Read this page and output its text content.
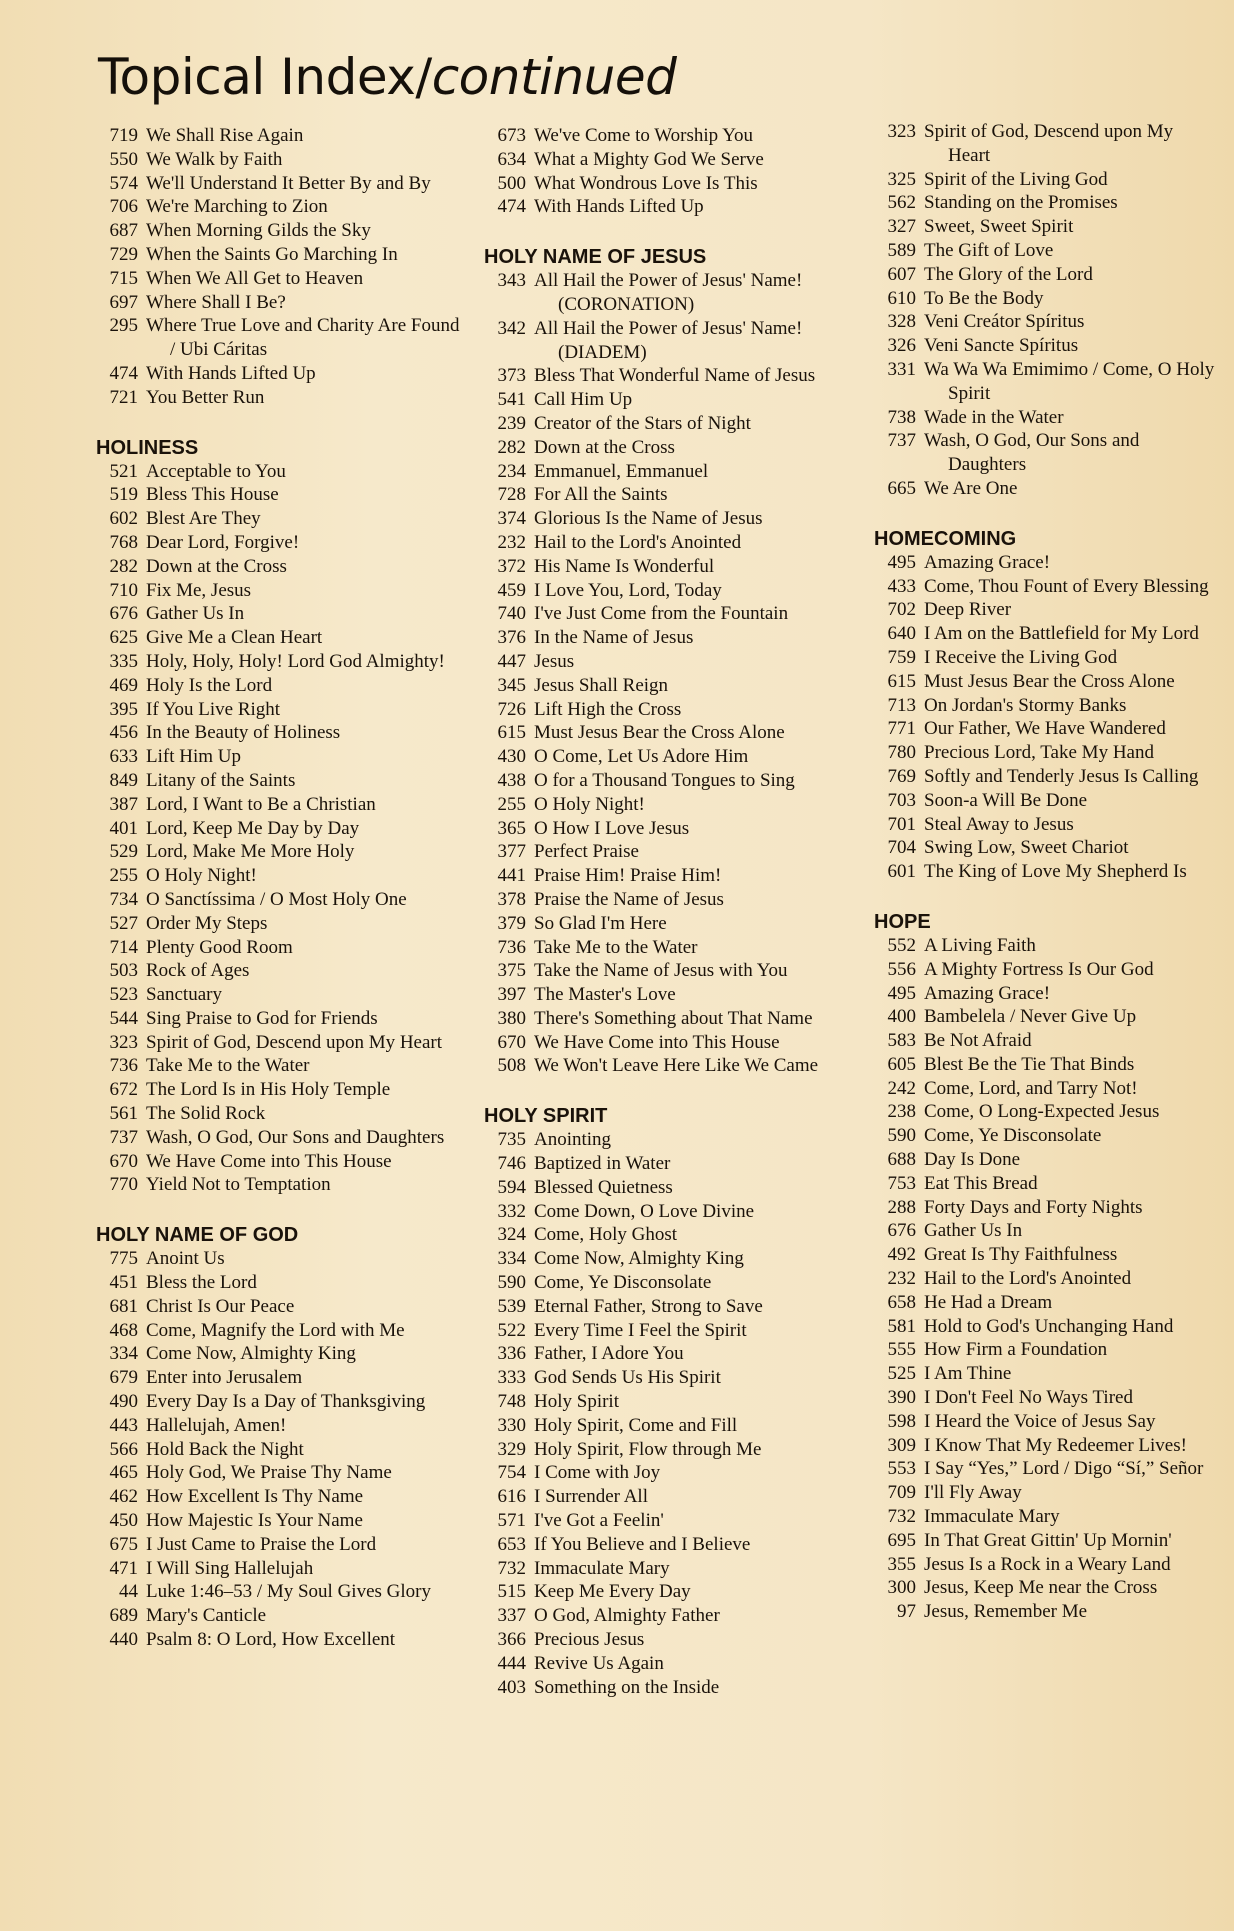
Topical Index/continued
719 We Shall Rise Again
550 We Walk by Faith
574 We'll Understand It Better By and By
706 We're Marching to Zion
687 When Morning Gilds the Sky
729 When the Saints Go Marching In
715 When We All Get to Heaven
697 Where Shall I Be?
295 Where True Love and Charity Are Found / Ubi Cáritas
474 With Hands Lifted Up
721 You Better Run
HOLINESS
521 Acceptable to You
519 Bless This House
602 Blest Are They
768 Dear Lord, Forgive!
282 Down at the Cross
710 Fix Me, Jesus
676 Gather Us In
625 Give Me a Clean Heart
335 Holy, Holy, Holy! Lord God Almighty!
469 Holy Is the Lord
395 If You Live Right
456 In the Beauty of Holiness
633 Lift Him Up
849 Litany of the Saints
387 Lord, I Want to Be a Christian
401 Lord, Keep Me Day by Day
529 Lord, Make Me More Holy
255 O Holy Night!
734 O Sanctíssima / O Most Holy One
527 Order My Steps
714 Plenty Good Room
503 Rock of Ages
523 Sanctuary
544 Sing Praise to God for Friends
323 Spirit of God, Descend upon My Heart
736 Take Me to the Water
672 The Lord Is in His Holy Temple
561 The Solid Rock
737 Wash, O God, Our Sons and Daughters
670 We Have Come into This House
770 Yield Not to Temptation
HOLY NAME OF GOD
775 Anoint Us
451 Bless the Lord
681 Christ Is Our Peace
468 Come, Magnify the Lord with Me
334 Come Now, Almighty King
679 Enter into Jerusalem
490 Every Day Is a Day of Thanksgiving
443 Hallelujah, Amen!
566 Hold Back the Night
465 Holy God, We Praise Thy Name
462 How Excellent Is Thy Name
450 How Majestic Is Your Name
675 I Just Came to Praise the Lord
471 I Will Sing Hallelujah
44 Luke 1:46–53 / My Soul Gives Glory
689 Mary's Canticle
440 Psalm 8: O Lord, How Excellent
673 We've Come to Worship You
634 What a Mighty God We Serve
500 What Wondrous Love Is This
474 With Hands Lifted Up
HOLY NAME OF JESUS
343 All Hail the Power of Jesus' Name! (CORONATION)
342 All Hail the Power of Jesus' Name! (DIADEM)
373 Bless That Wonderful Name of Jesus
541 Call Him Up
239 Creator of the Stars of Night
282 Down at the Cross
234 Emmanuel, Emmanuel
728 For All the Saints
374 Glorious Is the Name of Jesus
232 Hail to the Lord's Anointed
372 His Name Is Wonderful
459 I Love You, Lord, Today
740 I've Just Come from the Fountain
376 In the Name of Jesus
447 Jesus
345 Jesus Shall Reign
726 Lift High the Cross
615 Must Jesus Bear the Cross Alone
430 O Come, Let Us Adore Him
438 O for a Thousand Tongues to Sing
255 O Holy Night!
365 O How I Love Jesus
377 Perfect Praise
441 Praise Him! Praise Him!
378 Praise the Name of Jesus
379 So Glad I'm Here
736 Take Me to the Water
375 Take the Name of Jesus with You
397 The Master's Love
380 There's Something about That Name
670 We Have Come into This House
508 We Won't Leave Here Like We Came
HOLY SPIRIT
735 Anointing
746 Baptized in Water
594 Blessed Quietness
332 Come Down, O Love Divine
324 Come, Holy Ghost
334 Come Now, Almighty King
590 Come, Ye Disconsolate
539 Eternal Father, Strong to Save
522 Every Time I Feel the Spirit
336 Father, I Adore You
333 God Sends Us His Spirit
748 Holy Spirit
330 Holy Spirit, Come and Fill
329 Holy Spirit, Flow through Me
754 I Come with Joy
616 I Surrender All
571 I've Got a Feelin'
653 If You Believe and I Believe
732 Immaculate Mary
515 Keep Me Every Day
337 O God, Almighty Father
366 Precious Jesus
444 Revive Us Again
403 Something on the Inside
323 Spirit of God, Descend upon My Heart
325 Spirit of the Living God
562 Standing on the Promises
327 Sweet, Sweet Spirit
589 The Gift of Love
607 The Glory of the Lord
610 To Be the Body
328 Veni Creátor Spíritus
326 Veni Sancte Spíritus
331 Wa Wa Wa Emimimo / Come, O Holy Spirit
738 Wade in the Water
737 Wash, O God, Our Sons and Daughters
665 We Are One
HOMECOMING
495 Amazing Grace!
433 Come, Thou Fount of Every Blessing
702 Deep River
640 I Am on the Battlefield for My Lord
759 I Receive the Living God
615 Must Jesus Bear the Cross Alone
713 On Jordan's Stormy Banks
771 Our Father, We Have Wandered
780 Precious Lord, Take My Hand
769 Softly and Tenderly Jesus Is Calling
703 Soon-a Will Be Done
701 Steal Away to Jesus
704 Swing Low, Sweet Chariot
601 The King of Love My Shepherd Is
HOPE
552 A Living Faith
556 A Mighty Fortress Is Our God
495 Amazing Grace!
400 Bambelela / Never Give Up
583 Be Not Afraid
605 Blest Be the Tie That Binds
242 Come, Lord, and Tarry Not!
238 Come, O Long-Expected Jesus
590 Come, Ye Disconsolate
688 Day Is Done
753 Eat This Bread
288 Forty Days and Forty Nights
676 Gather Us In
492 Great Is Thy Faithfulness
232 Hail to the Lord's Anointed
658 He Had a Dream
581 Hold to God's Unchanging Hand
555 How Firm a Foundation
525 I Am Thine
390 I Don't Feel No Ways Tired
598 I Heard the Voice of Jesus Say
309 I Know That My Redeemer Lives!
553 I Say “Yes,” Lord / Digo “Sí,” Señor
709 I'll Fly Away
732 Immaculate Mary
695 In That Great Gittin' Up Mornin'
355 Jesus Is a Rock in a Weary Land
300 Jesus, Keep Me near the Cross
97 Jesus, Remember Me
